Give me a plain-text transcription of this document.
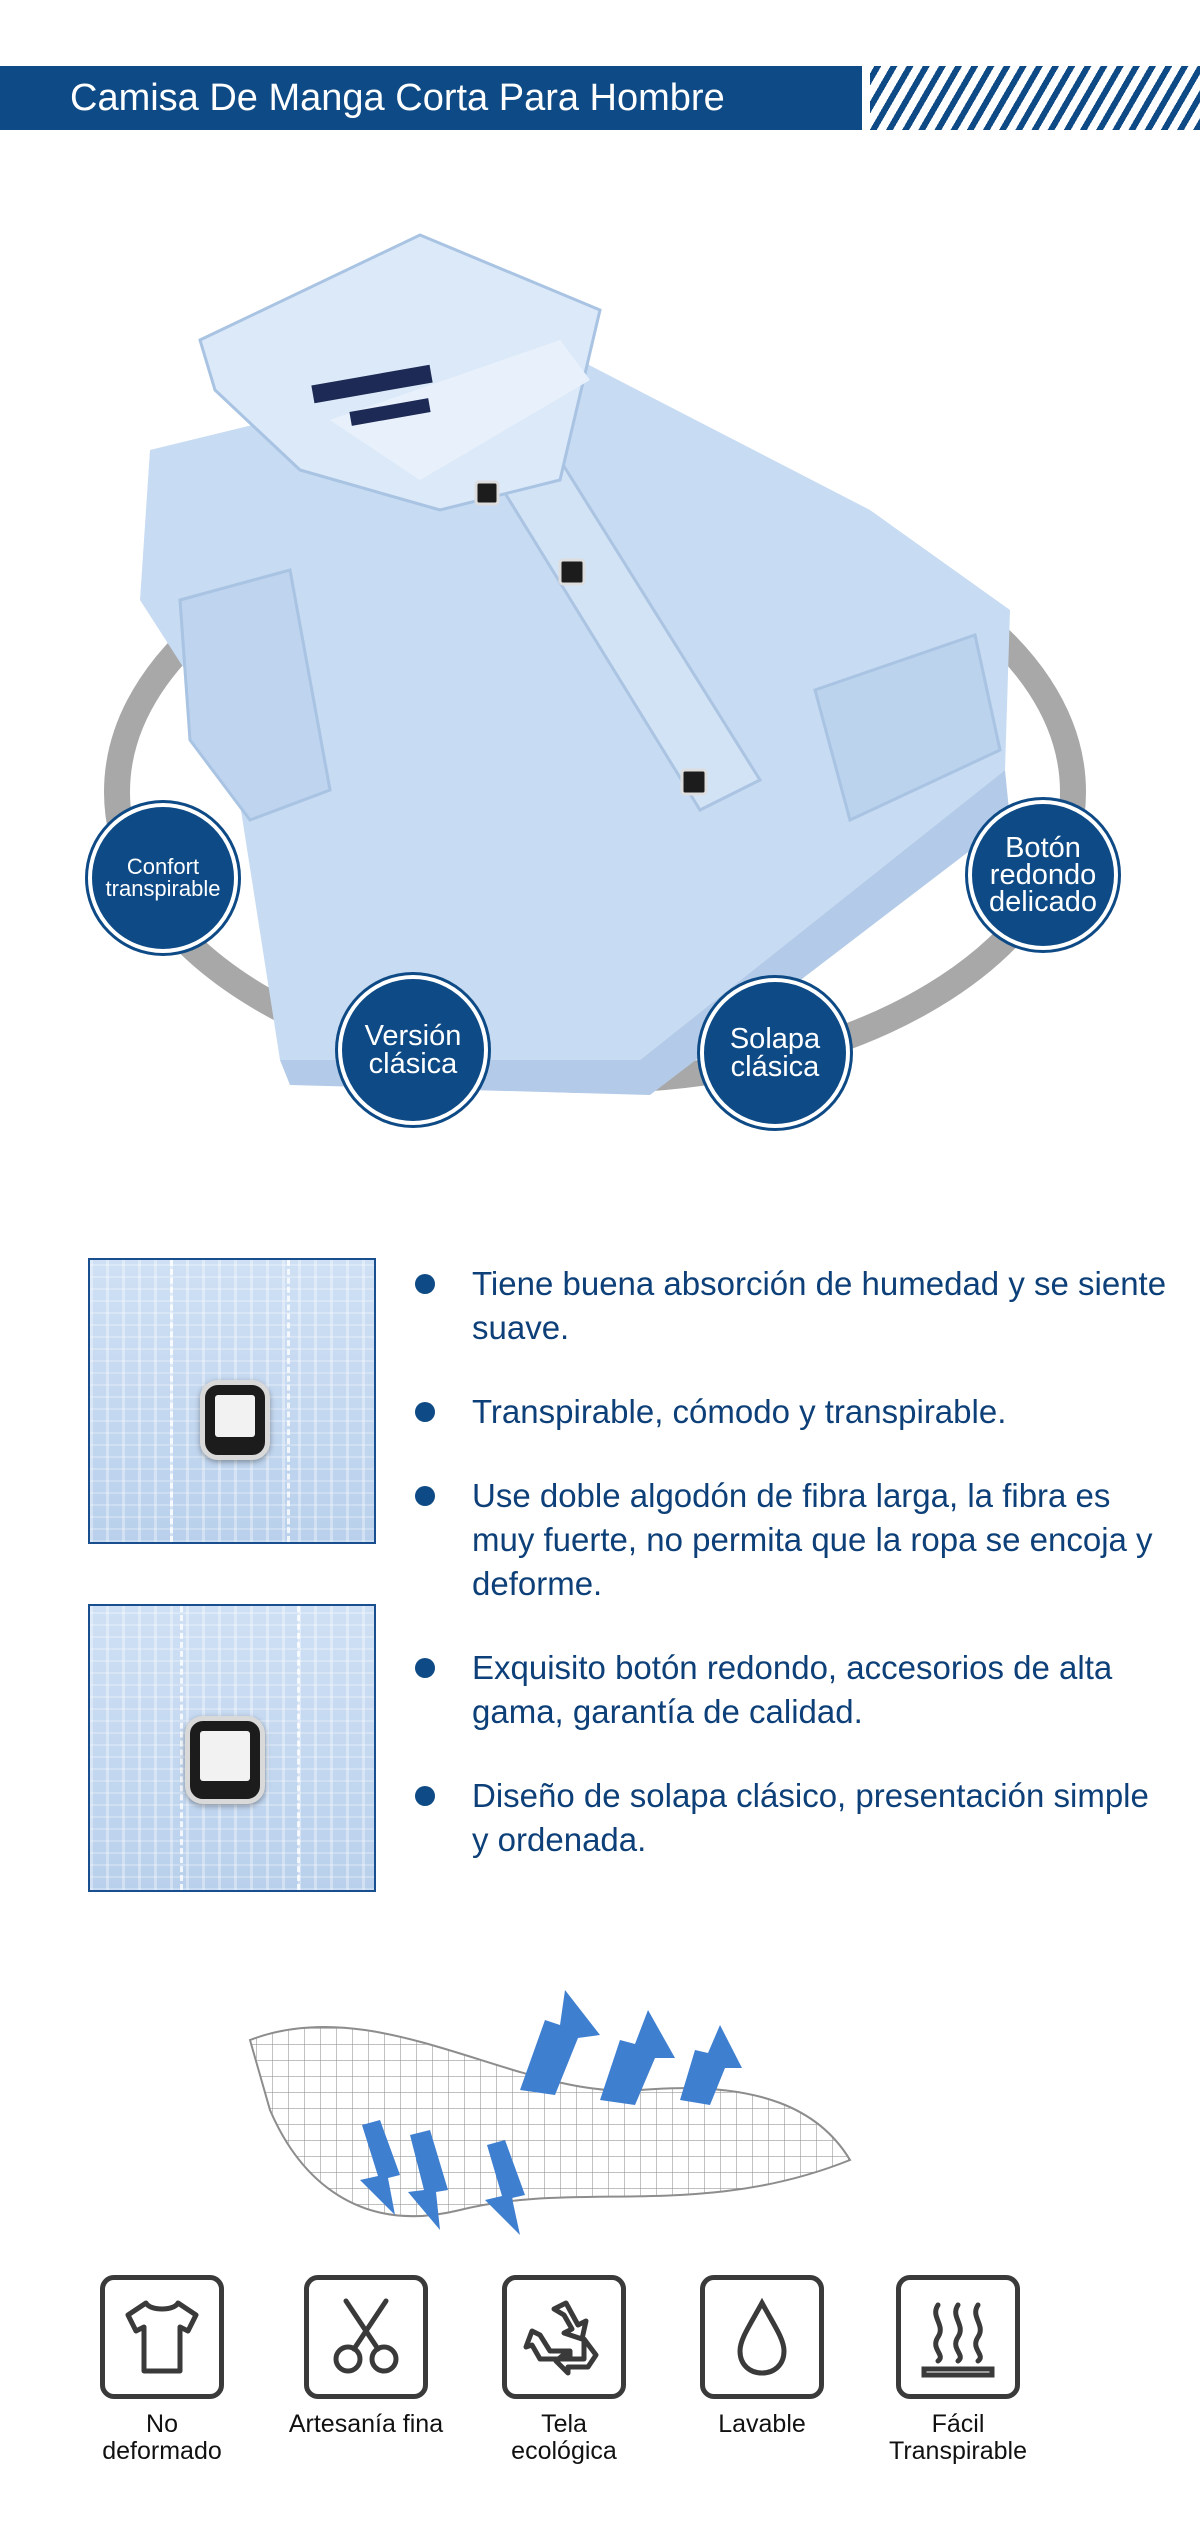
Camisa De Manga Corta Para Hombre
Confort
transpirable
Versión
clásica
Solapa
clásica
Botón
redondo
delicado
Tiene buena absorción de humedad y se siente suave.
Transpirable, cómodo y transpirable.
Use doble algodón de fibra larga, la fibra es muy fuerte, no permita que la ropa se encoja y deforme.
Exquisito botón redondo, accesorios de alta gama, garantía de calidad.
Diseño de solapa clásico, presentación simple y ordenada.
No
deformado
Artesanía fina	Tela
ecológica
Lavable	Fácil
Transpirable
